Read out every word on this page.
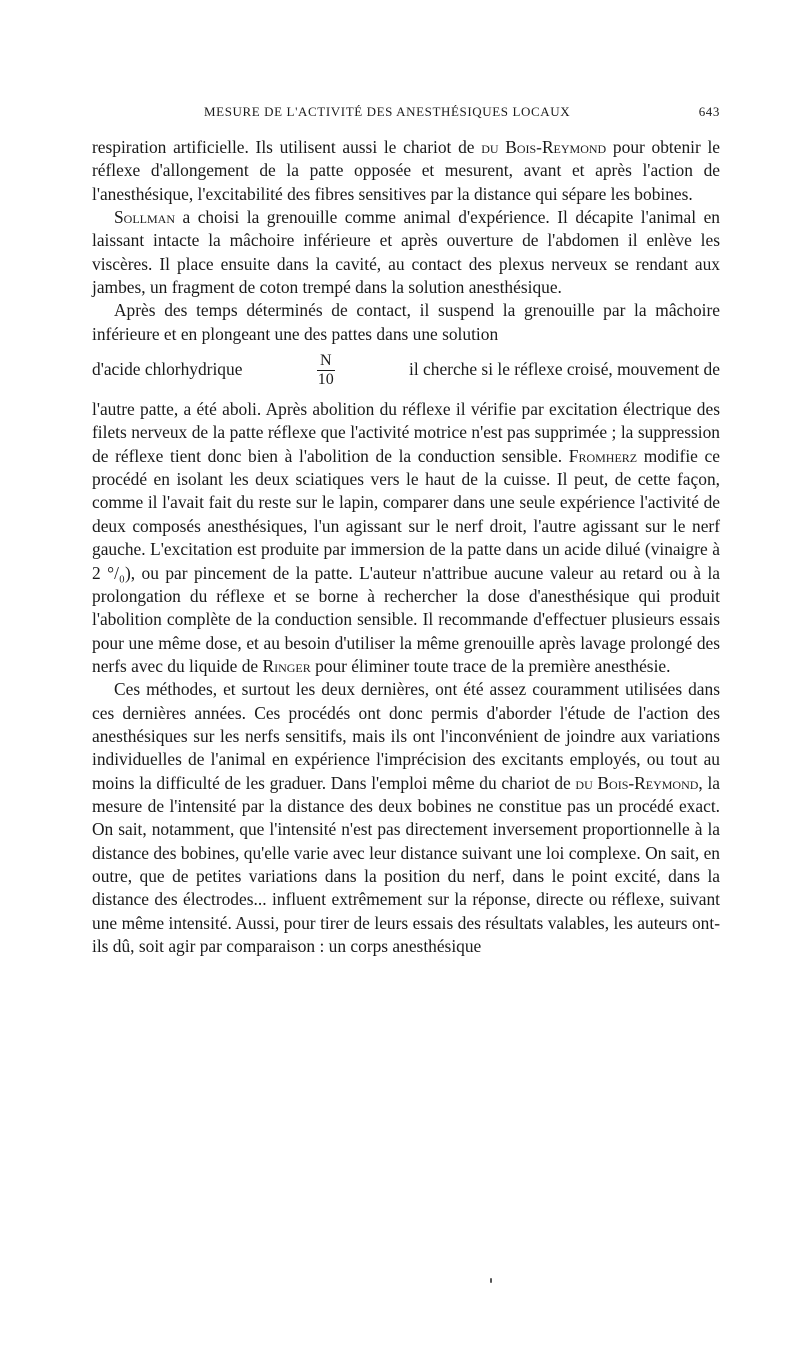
MESURE DE L'ACTIVITÉ DES ANESTHÉSIQUES LOCAUX	643

respiration artificielle. Ils utilisent aussi le chariot de du Bois-Reymond pour obtenir le réflexe d'allongement de la patte opposée et mesurent, avant et après l'action de l'anesthésique, l'excitabilité des fibres sensitives par la distance qui sépare les bobines.

Sollman a choisi la grenouille comme animal d'expérience. Il décapite l'animal en laissant intacte la mâchoire inférieure et après ouverture de l'abdomen il enlève les viscères. Il place ensuite dans la cavité, au contact des plexus nerveux se rendant aux jambes, un fragment de coton trempé dans la solution anesthésique.

Après des temps déterminés de contact, il suspend la grenouille par la mâchoire inférieure et en plongeant une des pattes dans une solution

d'acide chlorhydrique	$\frac{N}{10}$	il cherche si le réflexe croisé, mouvement de

l'autre patte, a été aboli. Après abolition du réflexe il vérifie par excitation électrique des filets nerveux de la patte réflexe que l'activité motrice n'est pas supprimée ; la suppression de réflexe tient donc bien à l'abolition de la conduction sensible. Fromherz modifie ce procédé en isolant les deux sciatiques vers le haut de la cuisse. Il peut, de cette façon, comme il l'avait fait du reste sur le lapin, comparer dans une seule expérience l'activité de deux composés anesthésiques, l'un agissant sur le nerf droit, l'autre agissant sur le nerf gauche. L'excitation est produite par immersion de la patte dans un acide dilué (vinaigre à 2 °/₀), ou par pincement de la patte. L'auteur n'attribue aucune valeur au retard ou à la prolongation du réflexe et se borne à rechercher la dose d'anesthésique qui produit l'abolition complète de la conduction sensible. Il recommande d'effectuer plusieurs essais pour une même dose, et au besoin d'utiliser la même grenouille après lavage prolongé des nerfs avec du liquide de Ringer pour éliminer toute trace de la première anesthésie.

Ces méthodes, et surtout les deux dernières, ont été assez couramment utilisées dans ces dernières années. Ces procédés ont donc permis d'aborder l'étude de l'action des anesthésiques sur les nerfs sensitifs, mais ils ont l'inconvénient de joindre aux variations individuelles de l'animal en expérience l'imprécision des excitants employés, ou tout au moins la difficulté de les graduer. Dans l'emploi même du chariot de du Bois-Reymond, la mesure de l'intensité par la distance des deux bobines ne constitue pas un procédé exact. On sait, notamment, que l'intensité n'est pas directement inversement proportionnelle à la distance des bobines, qu'elle varie avec leur distance suivant une loi complexe. On sait, en outre, que de petites variations dans la position du nerf, dans le point excité, dans la distance des électrodes... influent extrêmement sur la réponse, directe ou réflexe, suivant une même intensité. Aussi, pour tirer de leurs essais des résultats valables, les auteurs ont-ils dû, soit agir par comparaison : un corps anesthésique
